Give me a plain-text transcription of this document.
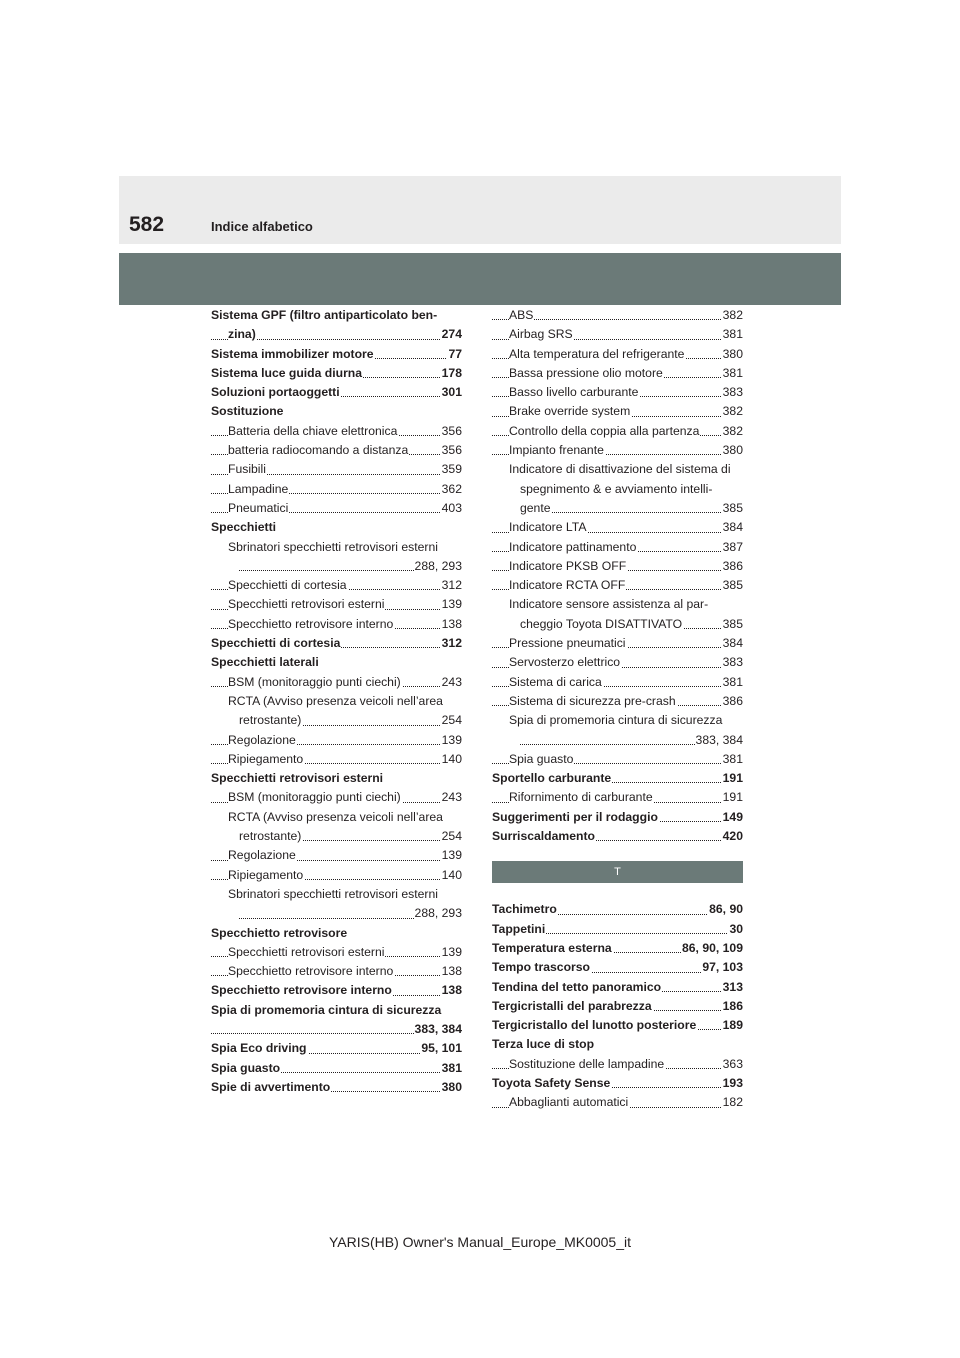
582	Indice alfabetico
Sistema GPF (filtro antiparticolato ben-
zina)	274
Sistema immobilizer motore	77
Sistema luce guida diurna	178
Soluzioni portaoggetti	301
Sostituzione
Batteria della chiave elettronica	356
batteria radiocomando a distanza	356
Fusibili	359
Lampadine	362
Pneumatici	403
Specchietti
Sbrinatori specchietti retrovisori esterni
288, 293
Specchietti di cortesia	312
Specchietti retrovisori esterni	139
Specchietto retrovisore interno	138
Specchietti di cortesia	312
Specchietti laterali
BSM (monitoraggio punti ciechi)	243
RCTA (Avviso presenza veicoli nell’area
retrostante)	254
Regolazione	139
Ripiegamento	140
Specchietti retrovisori esterni
BSM (monitoraggio punti ciechi)	243
RCTA (Avviso presenza veicoli nell’area
retrostante)	254
Regolazione	139
Ripiegamento	140
Sbrinatori specchietti retrovisori esterni
288, 293
Specchietto retrovisore
Specchietti retrovisori esterni	139
Specchietto retrovisore interno	138
Specchietto retrovisore interno	138
Spia di promemoria cintura di sicurezza
383, 384
Spia Eco driving	95, 101
Spia guasto	381
Spie di avvertimento	380
ABS	382
Airbag SRS	381
Alta temperatura del refrigerante	380
Bassa pressione olio motore	381
Basso livello carburante	383
Brake override system	382
Controllo della coppia alla partenza 382
Impianto frenante	380
Indicatore di disattivazione del sistema di
spegnimento & e avviamento intelli-
gente	385
Indicatore LTA	384
Indicatore pattinamento	387
Indicatore PKSB OFF	386
Indicatore RCTA OFF	385
Indicatore sensore assistenza al par-
cheggio Toyota DISATTIVATO	385
Pressione pneumatici	384
Servosterzo elettrico	383
Sistema di carica	381
Sistema di sicurezza pre-crash	386
Spia di promemoria cintura di sicurezza
383, 384
Spia guasto	381
Sportello carburante	191
Rifornimento di carburante	191
Suggerimenti per il rodaggio	149
Surriscaldamento	420
T
Tachimetro	86, 90
Tappetini	30
Temperatura esterna	86, 90, 109
Tempo trascorso	97, 103
Tendina del tetto panoramico	313
Tergicristalli del parabrezza	186
Tergicristallo del lunotto posteriore 189
Terza luce di stop
Sostituzione delle lampadine	363
Toyota Safety Sense	193
Abbaglianti automatici	182
YARIS(HB) Owner's Manual_Europe_MK0005_it
